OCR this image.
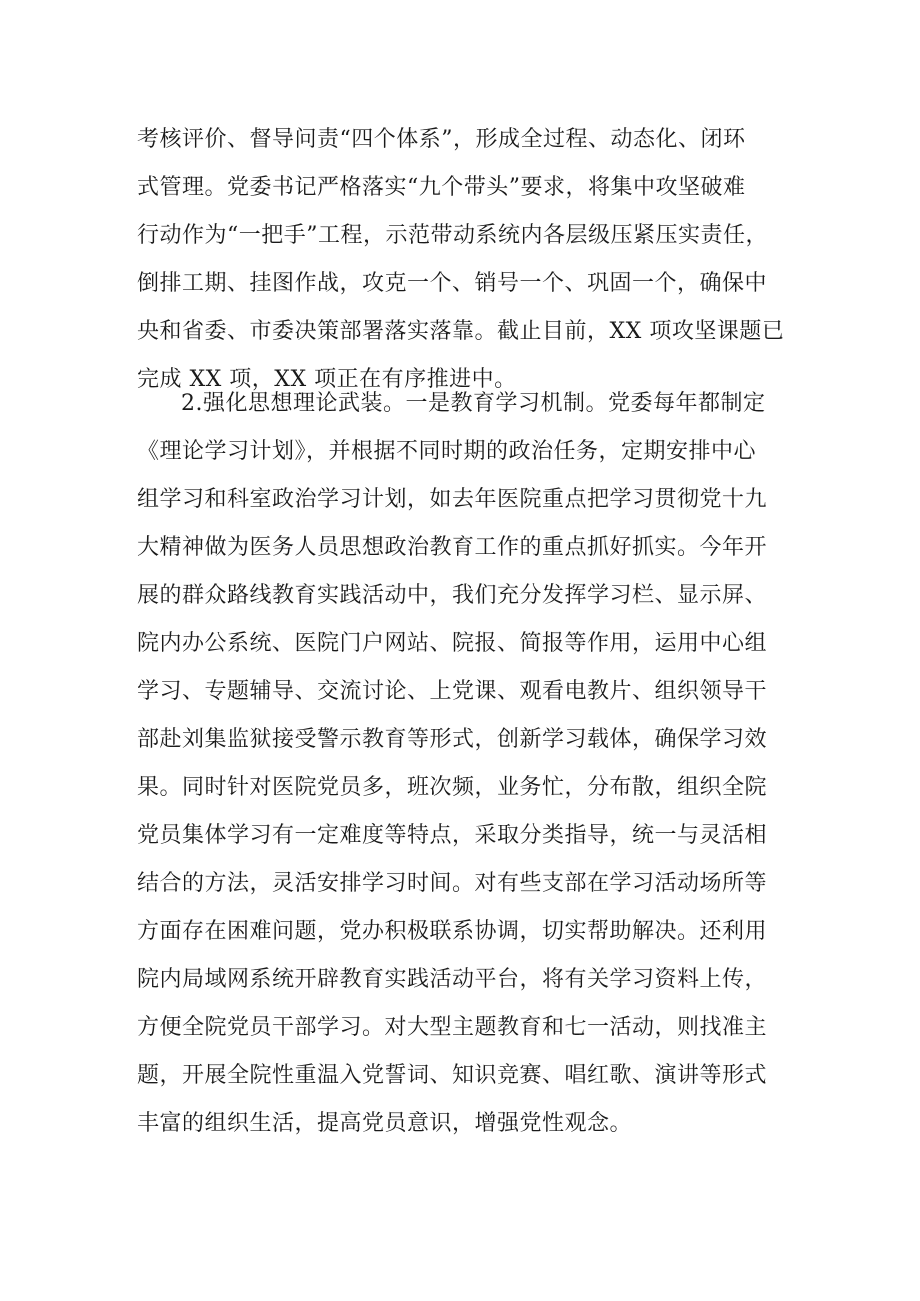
考核评价、督导问责“四个体系”，形成全过程、动态化、闭环
式管理。党委书记严格落实“九个带头”要求，将集中攻坚破难
行动作为“一把手”工程，示范带动系统内各层级压紧压实责任，
倒排工期、挂图作战，攻克一个、销号一个、巩固一个，确保中
央和省委、市委决策部署落实落靠。截止目前，XX 项攻坚课题已
完成 XX 项，XX 项正在有序推进中。
2.强化思想理论武装。一是教育学习机制。党委每年都制定
《理论学习计划》，并根据不同时期的政治任务，定期安排中心
组学习和科室政治学习计划，如去年医院重点把学习贯彻党十九
大精神做为医务人员思想政治教育工作的重点抓好抓实。今年开
展的群众路线教育实践活动中，我们充分发挥学习栏、显示屏、
院内办公系统、医院门户网站、院报、简报等作用，运用中心组
学习、专题辅导、交流讨论、上党课、观看电教片、组织领导干
部赴刘集监狱接受警示教育等形式，创新学习载体，确保学习效
果。同时针对医院党员多，班次频，业务忙，分布散，组织全院
党员集体学习有一定难度等特点，采取分类指导，统一与灵活相
结合的方法，灵活安排学习时间。对有些支部在学习活动场所等
方面存在困难问题，党办积极联系协调，切实帮助解决。还利用
院内局域网系统开辟教育实践活动平台，将有关学习资料上传，
方便全院党员干部学习。对大型主题教育和七一活动，则找准主
题，开展全院性重温入党誓词、知识竞赛、唱红歌、演讲等形式
丰富的组织生活，提高党员意识，增强党性观念。
